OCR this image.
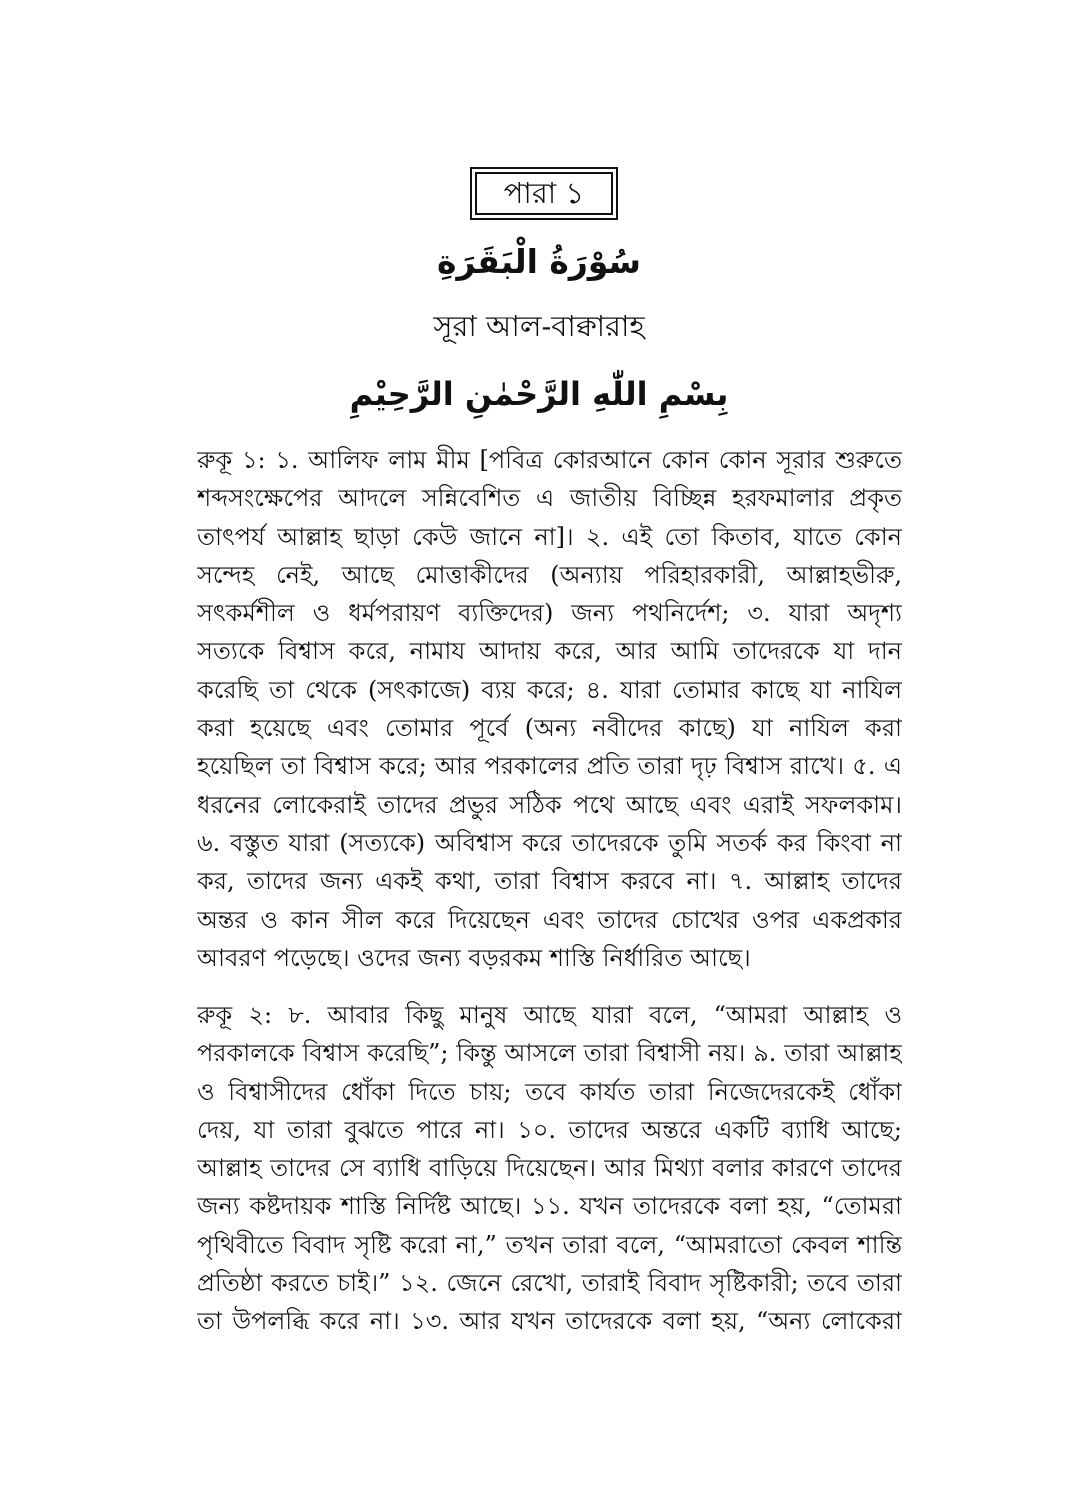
পারা ১
سُوْرَةُ الْبَقَرَةِ
সূরা আল-বাক্বারাহ
بِسْمِ اللّٰهِ الرَّحْمٰنِ الرَّحِيْمِ
রুকূ ১: ১. আলিফ লাম মীম [পবিত্র কোরআনে কোন কোন সূরার শুরুতে
শব্দসংক্ষেপের আদলে সন্নিবেশিত এ জাতীয় বিচ্ছিন্ন হরফমালার প্রকৃত
তাৎপর্য আল্লাহ ছাড়া কেউ জানে না]। ২. এই তো কিতাব, যাতে কোন
সন্দেহ নেই, আছে মোত্তাকীদের (অন্যায় পরিহারকারী, আল্লাহভীরু,
সৎকর্মশীল ও ধর্মপরায়ণ ব্যক্তিদের) জন্য পথনির্দেশ; ৩. যারা অদৃশ্য
সত্যকে বিশ্বাস করে, নামায আদায় করে, আর আমি তাদেরকে যা দান
করেছি তা থেকে (সৎকাজে) ব্যয় করে; ৪. যারা তোমার কাছে যা নাযিল
করা হয়েছে এবং তোমার পূর্বে (অন্য নবীদের কাছে) যা নাযিল করা
হয়েছিল তা বিশ্বাস করে; আর পরকালের প্রতি তারা দৃঢ় বিশ্বাস রাখে। ৫. এ
ধরনের লোকেরাই তাদের প্রভুর সঠিক পথে আছে এবং এরাই সফলকাম।
৬. বস্তুত যারা (সত্যকে) অবিশ্বাস করে তাদেরকে তুমি সতর্ক কর কিংবা না
কর, তাদের জন্য একই কথা, তারা বিশ্বাস করবে না। ৭. আল্লাহ তাদের
অন্তর ও কান সীল করে দিয়েছেন এবং তাদের চোখের ওপর একপ্রকার
আবরণ পড়েছে। ওদের জন্য বড়রকম শাস্তি নির্ধারিত আছে।
রুকূ ২: ৮. আবার কিছু মানুষ আছে যারা বলে, “আমরা আল্লাহ ও
পরকালকে বিশ্বাস করেছি”; কিন্তু আসলে তারা বিশ্বাসী নয়। ৯. তারা আল্লাহ
ও বিশ্বাসীদের ধোঁকা দিতে চায়; তবে কার্যত তারা নিজেদেরকেই ধোঁকা
দেয়, যা তারা বুঝতে পারে না। ১০. তাদের অন্তরে একটি ব্যাধি আছে;
আল্লাহ তাদের সে ব্যাধি বাড়িয়ে দিয়েছেন। আর মিথ্যা বলার কারণে তাদের
জন্য কষ্টদায়ক শাস্তি নির্দিষ্ট আছে। ১১. যখন তাদেরকে বলা হয়, “তোমরা
পৃথিবীতে বিবাদ সৃষ্টি করো না,” তখন তারা বলে, “আমরাতো কেবল শান্তি
প্রতিষ্ঠা করতে চাই।” ১২. জেনে রেখো, তারাই বিবাদ সৃষ্টিকারী; তবে তারা
তা উপলব্ধি করে না। ১৩. আর যখন তাদেরকে বলা হয়, “অন্য লোকেরা
